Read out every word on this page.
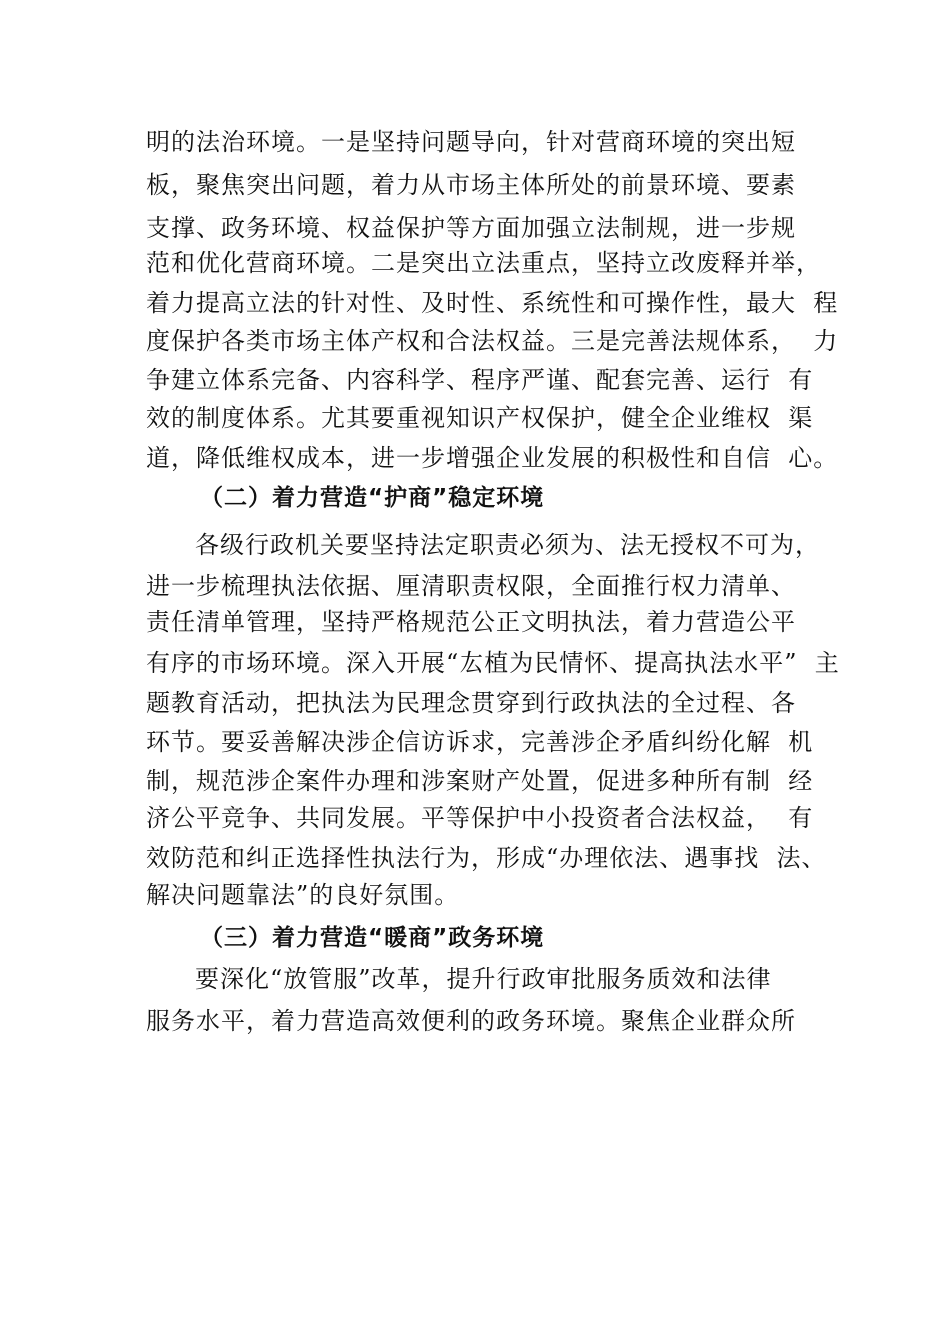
明的法治环境。一是坚持问题导向，针对营商环境的突出短

板，聚焦突出问题，着力从市场主体所处的前景环境、要素

支撑、政务环境、权益保护等方面加强立法制规，进一步规

范和优化营商环境。二是突出立法重点，坚持立改废释并举，

着力提高立法的针对性、及时性、系统性和可操作性，最大  程

度保护各类市场主体产权和合法权益。三是完善法规体系，  力

争建立体系完备、内容科学、程序严谨、配套完善、运行  有

效的制度体系。尤其要重视知识产权保护，健全企业维权  渠

道，降低维权成本，进一步增强企业发展的积极性和自信  心。

（二）着力营造“护商”稳定环境

各级行政机关要坚持法定职责必须为、法无授权不可为，

进一步梳理执法依据、厘清职责权限，全面推行权力清单、

责任清单管理，坚持严格规范公正文明执法，着力营造公平

有序的市场环境。深入开展“厷植为民情怀、提高执法水平”  主

题教育活动，把执法为民理念贯穿到行政执法的全过程、各

环节。要妥善解决涉企信访诉求，完善涉企矛盾纠纷化解  机

制，规范涉企案件办理和涉案财产处置，促进多种所有制  经

济公平竞争、共同发展。平等保护中小投资者合法权益，  有

效防范和纠正选择性执法行为，形成“办理依法、遇事找  法、

解决问题靠法”的良好氛围。

（三）着力营造“暖商”政务环境

要深化“放管服”改革，提升行政审批服务质效和法律

服务水平，着力营造高效便利的政务环境。聚焦企业群众所
